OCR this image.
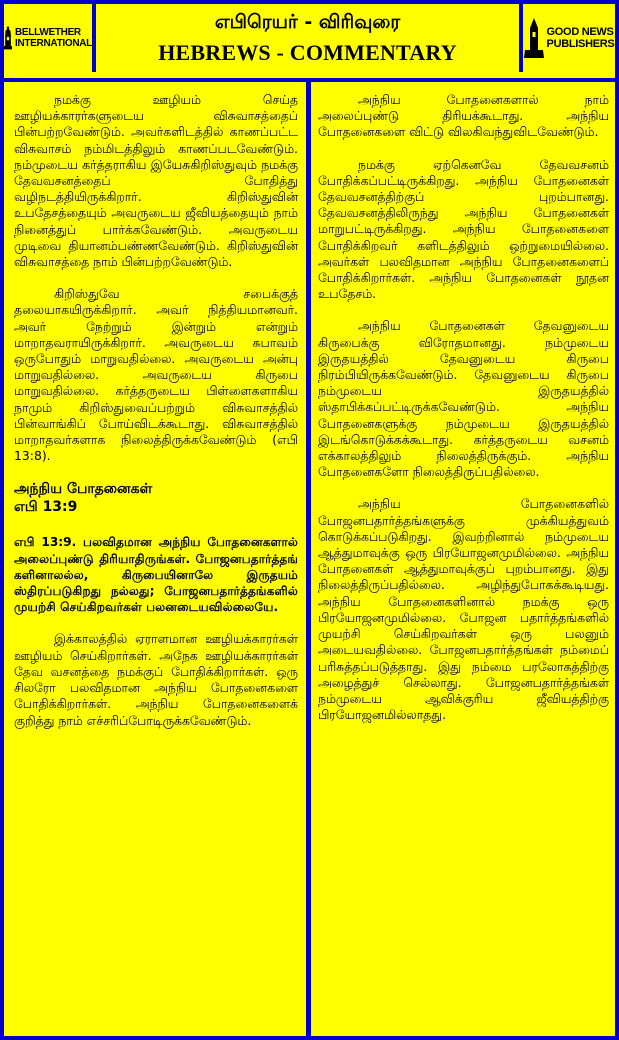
BELLWETHER
INTERNATIONAL
எபிரெயர் - விரிவுரை
HEBREWS - COMMENTARY
GOOD NEWS
PUBLISHERS

நமக்கு ஊழியம் செய்த ஊழியக்காரர்களுடைய விசுவாசத்தைப் பின்பற்றவேண்டும். அவர்களிடத்தில் காணப்பட்ட விசுவாசம் நம்மிடத்திலும் காணப்படவேண்டும். நம்முடைய கர்த்தராகிய இயேசுகிறிஸ்துவும் நமக்கு தேவவசனத்தைப் போதித்து வழிநடத்தியிருக்கிறார். கிறிஸ்துவின் உபதேசத்தையும் அவருடைய ஜீவியத்தையும் நாம் நினைத்துப் பார்க்கவேண்டும். அவருடைய முடிவை தியானம்பண்ணவேண்டும். கிறிஸ்துவின் விசுவாசத்தை நாம் பின்பற்றவேண்டும்.

கிறிஸ்துவே சபைக்குத் தலையாகயிருக்கிறார். அவர் நித்தியமானவர். அவர் நேற்றும் இன்றும் என்றும் மாறாதவராயிருக்கிறார். அவருடைய சுபாவம் ஒருபோதும் மாறுவதில்லை. அவருடைய அன்பு மாறுவதில்லை. அவருடைய கிருபை மாறுவதில்லை. கர்த்தருடைய பிள்ளைகளாகிய நாமும் கிறிஸ்துவைப்பற்றும் விசுவாசத்தில் பின்வாங்கிப் போய்விடக்கூடாது. விசுவாசத்தில் மாறாதவர்களாக நிலைத்திருக்கவேண்டும் (எபி 13:8).

அந்நிய போதனைகள்
எபி 13:9

எபி 13:9. பலவிதமான அந்நிய போதனைகளால் அலைப்புண்டு திரியாதிருங்கள். போஜனபதார்த்தங் களினாலல்ல, கிருபையினாலே இருதயம் ஸ்திரப்படுகிறது நல்லது; போஜனபதார்த்தங்களில் முயற்சி செய்கிறவர்கள் பலனடையவில்லையே.

இக்காலத்தில் ஏராளமான ஊழியக்காரர்கள் ஊழியம் செய்கிறார்கள். அநேக ஊழியக்காரர்கள் தேவ வசனத்தை நமக்குப் போதிக்கிறார்கள். ஒரு சிலரோ பலவிதமான அந்நிய போதனைகளை போதிக்கிறார்கள். அந்நிய போதனைகளைக் குறித்து நாம் எச்சரிப்போடிருக்கவேண்டும்.

அந்நிய போதனைகளால் நாம் அலைப்புண்டு திரியக்கூடாது. அந்நிய போதனைகளை விட்டு விலகிவந்துவிடவேண்டும்.

நமக்கு ஏற்கெனவே தேவவசனம் போதிக்கப்பட்டிருக்கிறது. அந்நிய போதனைகள் தேவவசனத்திற்குப் புறம்பானது. தேவவசனத்திலிருந்து அந்நிய போதனைகள் மாறுபட்டிருக்கிறது. அந்நிய போதனைகளை போதிக்கிறவர் களிடத்திலும் ஒற்றுமையில்லை. அவர்கள் பலவிதமான அந்நிய போதனைகளைப் போதிக்கிறார்கள். அந்நிய போதனைகள் நூதன உபதேசம்.

அந்நிய போதனைகள் தேவனுடைய கிருபைக்கு விரோதமானது. நம்முடைய இருதயத்தில் தேவனுடைய கிருபை நிரம்பியிருக்கவேண்டும். தேவனுடைய கிருபை நம்முடைய இருதயத்தில் ஸ்தாபிக்கப்பட்டிருக்கவேண்டும். அந்நிய போதனைகளுக்கு நம்முடைய இருதயத்தில் இடங்கொடுக்கக்கூடாது. கர்த்தருடைய வசனம் எக்காலத்திலும் நிலைத்திருக்கும். அந்நிய போதனைகளோ நிலைத்திருப்பதில்லை.

அந்நிய போதனைகளில் போஜனபதார்த்தங்களுக்கு முக்கியத்துவம் கொடுக்கப்படுகிறது. இவற்றினால் நம்முடைய ஆத்துமாவுக்கு ஒரு பிரயோஜனமுமில்லை. அந்நிய போதனைகள் ஆத்துமாவுக்குப் புறம்பானது. இது நிலைத்திருப்பதில்லை. அழிந்துபோகக்கூடியது. அந்நிய போதனைகளினால் நமக்கு ஒரு பிரயோஜனமுமில்லை. போஜன பதார்த்தங்களில் முயற்சி செய்கிறவர்கள் ஒரு பலனும் அடையவதில்லை. போஜனபதார்த்தங்கள் நம்மைப் பரிசுத்தப்படுத்தாது. இது நம்மை பரலோகத்திற்கு அழைத்துச் செல்லாது. போஜனபதார்த்தங்கள் நம்முடைய ஆவிக்குரிய ஜீவியத்திற்கு பிரயோஜனமில்லாதது.
